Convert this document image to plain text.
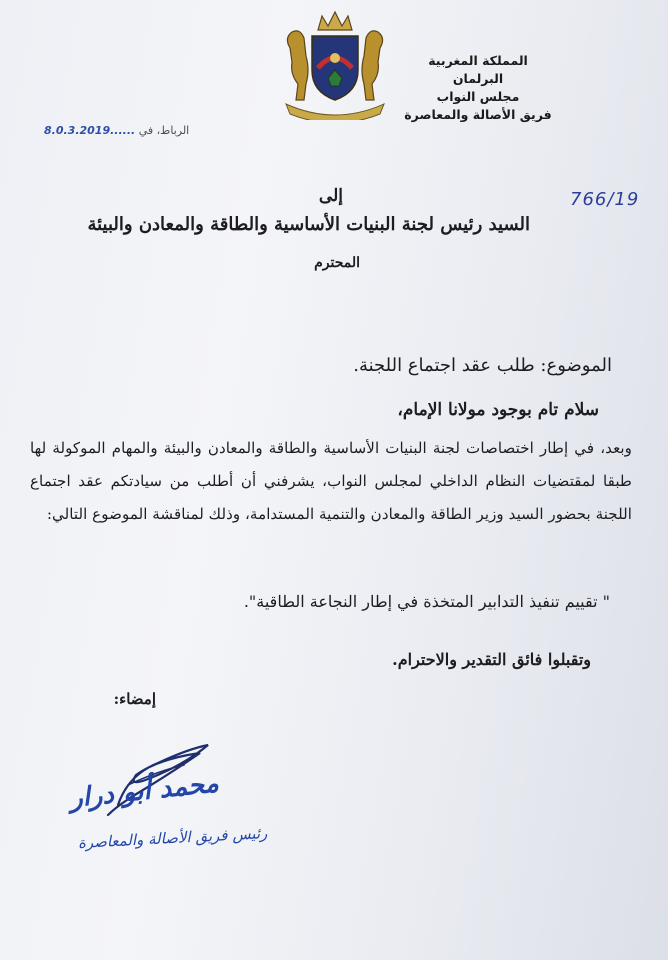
المملكة المغربية
البرلمان
مجلس النواب
فريق الأصالة والمعاصرة
الرباط، في ......8.0.3.2019
766/19
إلى
السيد رئيس لجنة البنيات الأساسية والطاقة والمعادن والبيئة
المحترم
الموضوع: طلب عقد اجتماع اللجنة.
سلام تام بوجود مولانا الإمام،
وبعد، في إطار اختصاصات لجنة البنيات الأساسية والطاقة والمعادن والبيئة والمهام الموكولة لها طبقا لمقتضيات النظام الداخلي لمجلس النواب، يشرفني أن أطلب من سيادتكم عقد اجتماع اللجنة بحضور السيد وزير الطاقة والمعادن والتنمية المستدامة، وذلك لمناقشة الموضوع التالي:
" تقييم تنفيذ التدابير المتخذة في إطار النجاعة الطاقية".
وتقبلوا فائق التقدير والاحترام.
إمضاء:
محمد أبو درار
رئيس فريق الأصالة والمعاصرة
